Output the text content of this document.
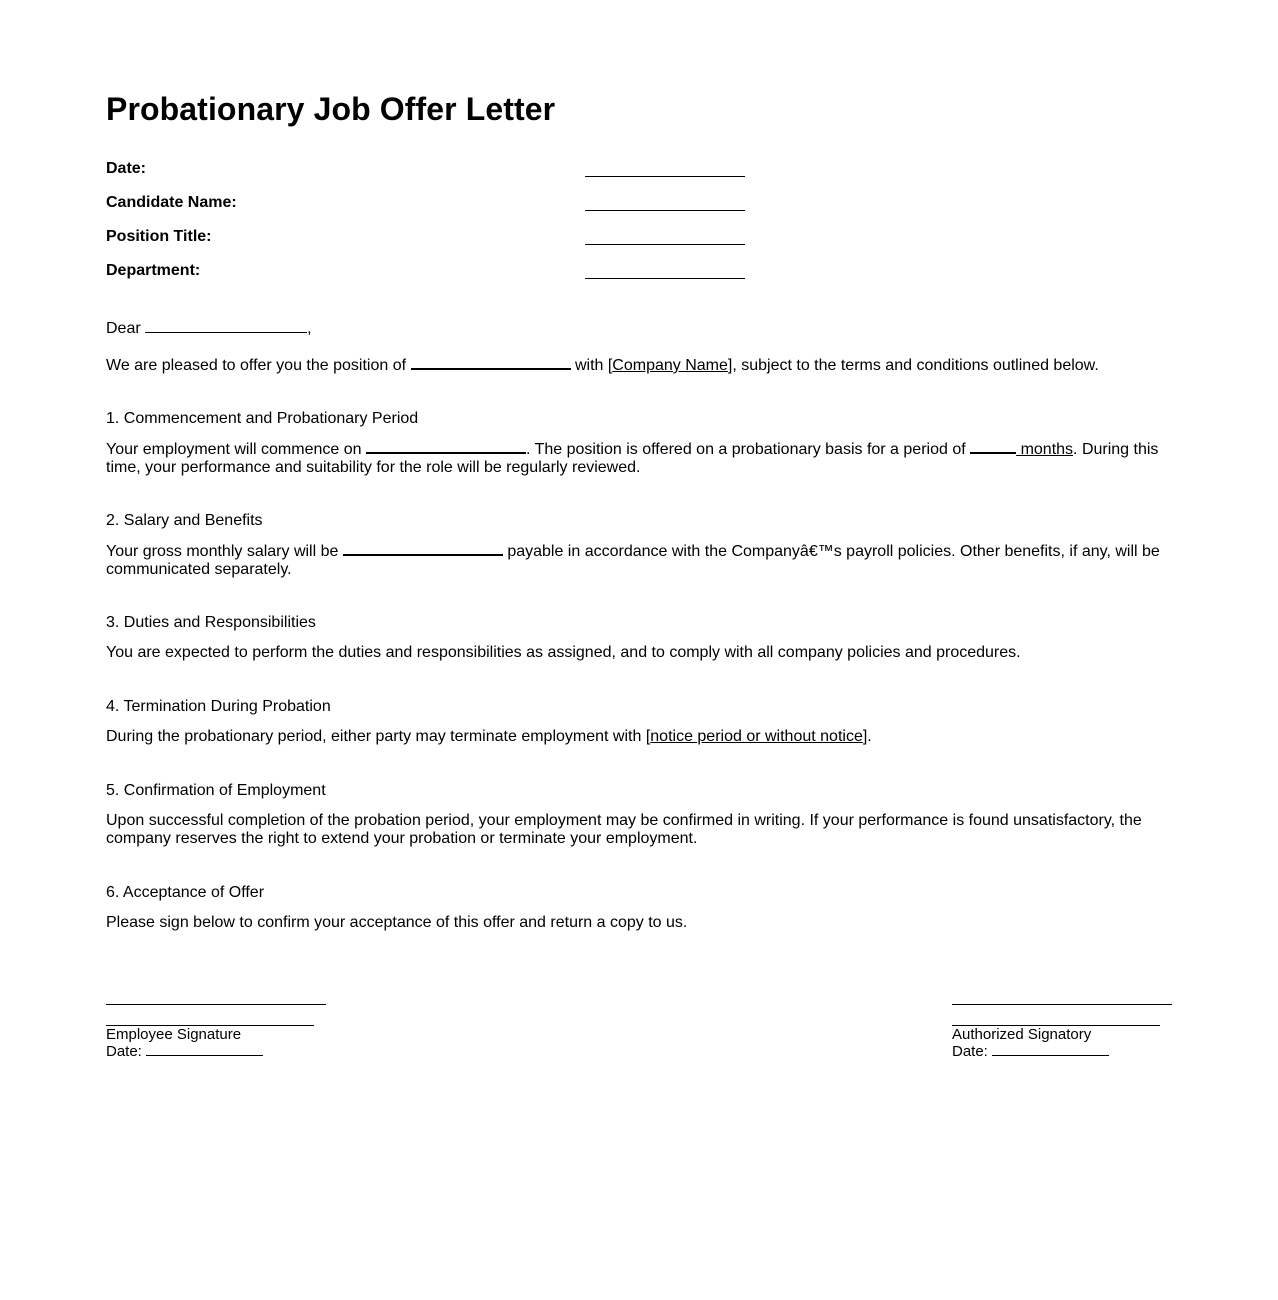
Probationary Job Offer Letter
Date:
Candidate Name:
Position Title:
Department:

Dear	,

We are pleased to offer you the position of	with [Company Name], subject to the terms and conditions outlined below.

1. Commencement and Probationary Period

Your employment will commence on	. The position is offered on a probationary basis for a period of	months. During this time, your performance and suitability for the role will be regularly reviewed.

2. Salary and Benefits

Your gross monthly salary will be	payable in accordance with the Companyâ€™s payroll policies. Other benefits, if any, will be communicated separately.

3. Duties and Responsibilities

You are expected to perform the duties and responsibilities as assigned, and to comply with all company policies and procedures.

4. Termination During Probation

During the probationary period, either party may terminate employment with [notice period or without notice].

5. Confirmation of Employment

Upon successful completion of the probation period, your employment may be confirmed in writing. If your performance is found unsatisfactory, the company reserves the right to extend your probation or terminate your employment.

6. Acceptance of Offer

Please sign below to confirm your acceptance of this offer and return a copy to us.

Employee Signature
Date:
Authorized Signatory
Date:
